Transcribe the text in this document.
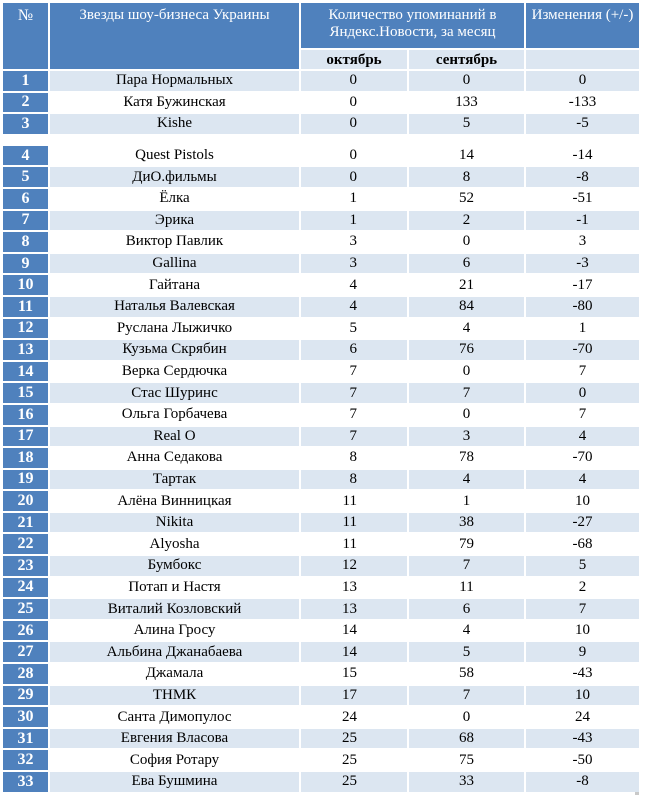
№	Звезды шоу-бизнеса Украины	Количество упоминаний в Яндекс.Новости, за месяц		Изменения (+/-)
		октябрь	сентябрь	
1	Пара Нормальных	0	0	0
2	Катя Бужинская	0	133	-133
3	Kishe	0	5	-5

4	Quest Pistols	0	14	-14
5	ДиО.фильмы	0	8	-8
6	Ёлка	1	52	-51
7	Эрика	1	2	-1
8	Виктор Павлик	3	0	3
9	Gallina	3	6	-3
10	Гайтана	4	21	-17
11	Наталья Валевская	4	84	-80
12	Руслана Лыжичко	5	4	1
13	Кузьма Скрябин	6	76	-70
14	Верка Сердючка	7	0	7
15	Стас Шуринс	7	7	0
16	Ольга Горбачева	7	0	7
17	Real O	7	3	4
18	Анна Седакова	8	78	-70
19	Тартак	8	4	4
20	Алёна Винницкая	11	1	10
21	Nikita	11	38	-27
22	Alyosha	11	79	-68
23	Бумбокс	12	7	5
24	Потап и Настя	13	11	2
25	Виталий Козловский	13	6	7
26	Алина Гросу	14	4	10
27	Альбина Джанабаева	14	5	9
28	Джамала	15	58	-43
29	ТНМК	17	7	10
30	Санта Димопулос	24	0	24
31	Евгения Власова	25	68	-43
32	София Ротару	25	75	-50
33	Ева Бушмина	25	33	-8
